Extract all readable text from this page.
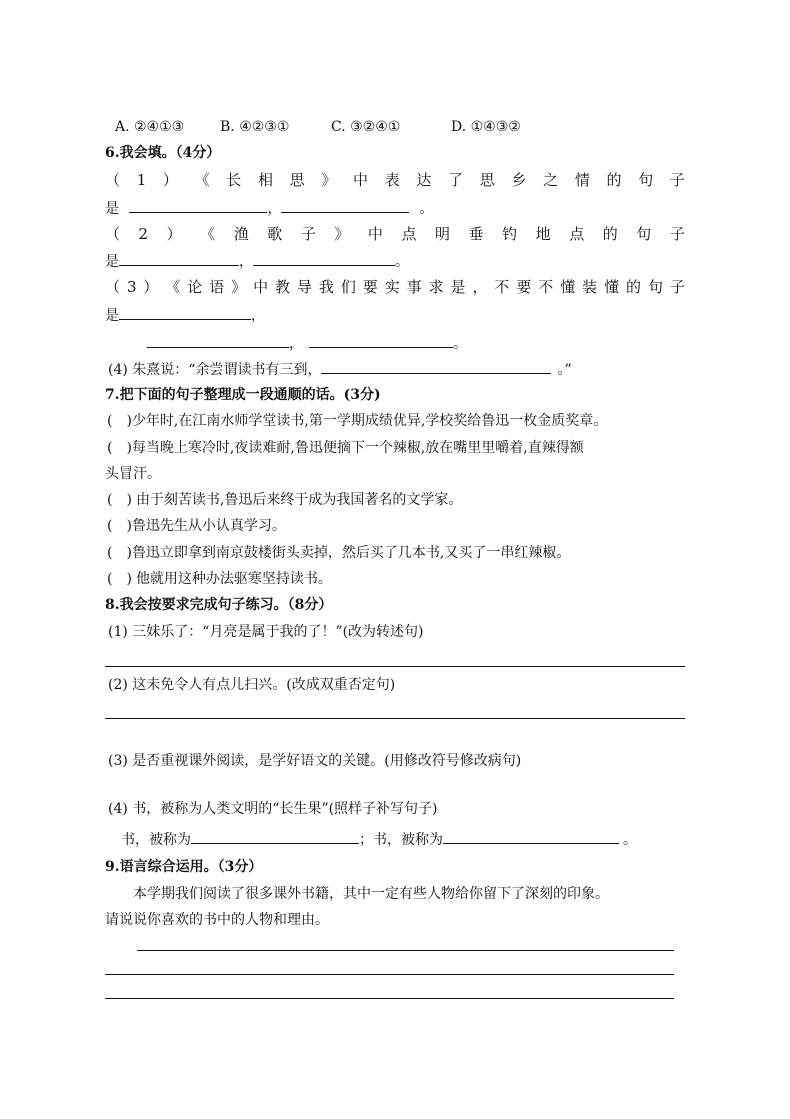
A. ②④①③	B. ④②③①	C. ③②④①	D. ①④③②
6.我会填。（4分）
（ 1 ） 《 长 相 思 》 中 表 达 了 思 乡 之 情 的 句 子
是	，	。
（ 2 ） 《 渔 歌 子 》 中 点 明 垂 钓 地 点 的 句 子
是	，	。
（ 3 ） 《 论 语 》 中 教 导 我 们 要 实 事 求 是 ， 不 要 不 懂 装 懂 的 句 子
是	，
，	。
(4) 朱熹说：“余尝谓读书有三到，	。”
7.把下面的句子整理成一段通顺的话。(3分)
(　)少年时,在江南水师学堂读书,第一学期成绩优异,学校奖给鲁迅一枚金质奖章。
(　)每当晚上寒冷时,夜读难耐,鲁迅便摘下一个辣椒,放在嘴里里嚼着,直辣得额
头冒汗。
(　) 由于刻苦读书,鲁迅后来终于成为我国著名的文学家。
(　)鲁迅先生从小认真学习。
(　)鲁迅立即拿到南京鼓楼街头卖掉，然后买了几本书,又买了一串红辣椒。
(　) 他就用这种办法驱寒坚持读书。
8.我会按要求完成句子练习。（8分）
(1) 三妹乐了：“月亮是属于我的了！”(改为转述句)
(2) 这未免令人有点儿扫兴。(改成双重否定句)
(3) 是否重视课外阅读，是学好语文的关键。(用修改符号修改病句)
(4) 书，被称为人类文明的“长生果”(照样子补写句子)
书，被称为	；书，被称为	。
9.语言综合运用。（3分）
本学期我们阅读了很多课外书籍，其中一定有些人物给你留下了深刻的印象。
请说说你喜欢的书中的人物和理由。
